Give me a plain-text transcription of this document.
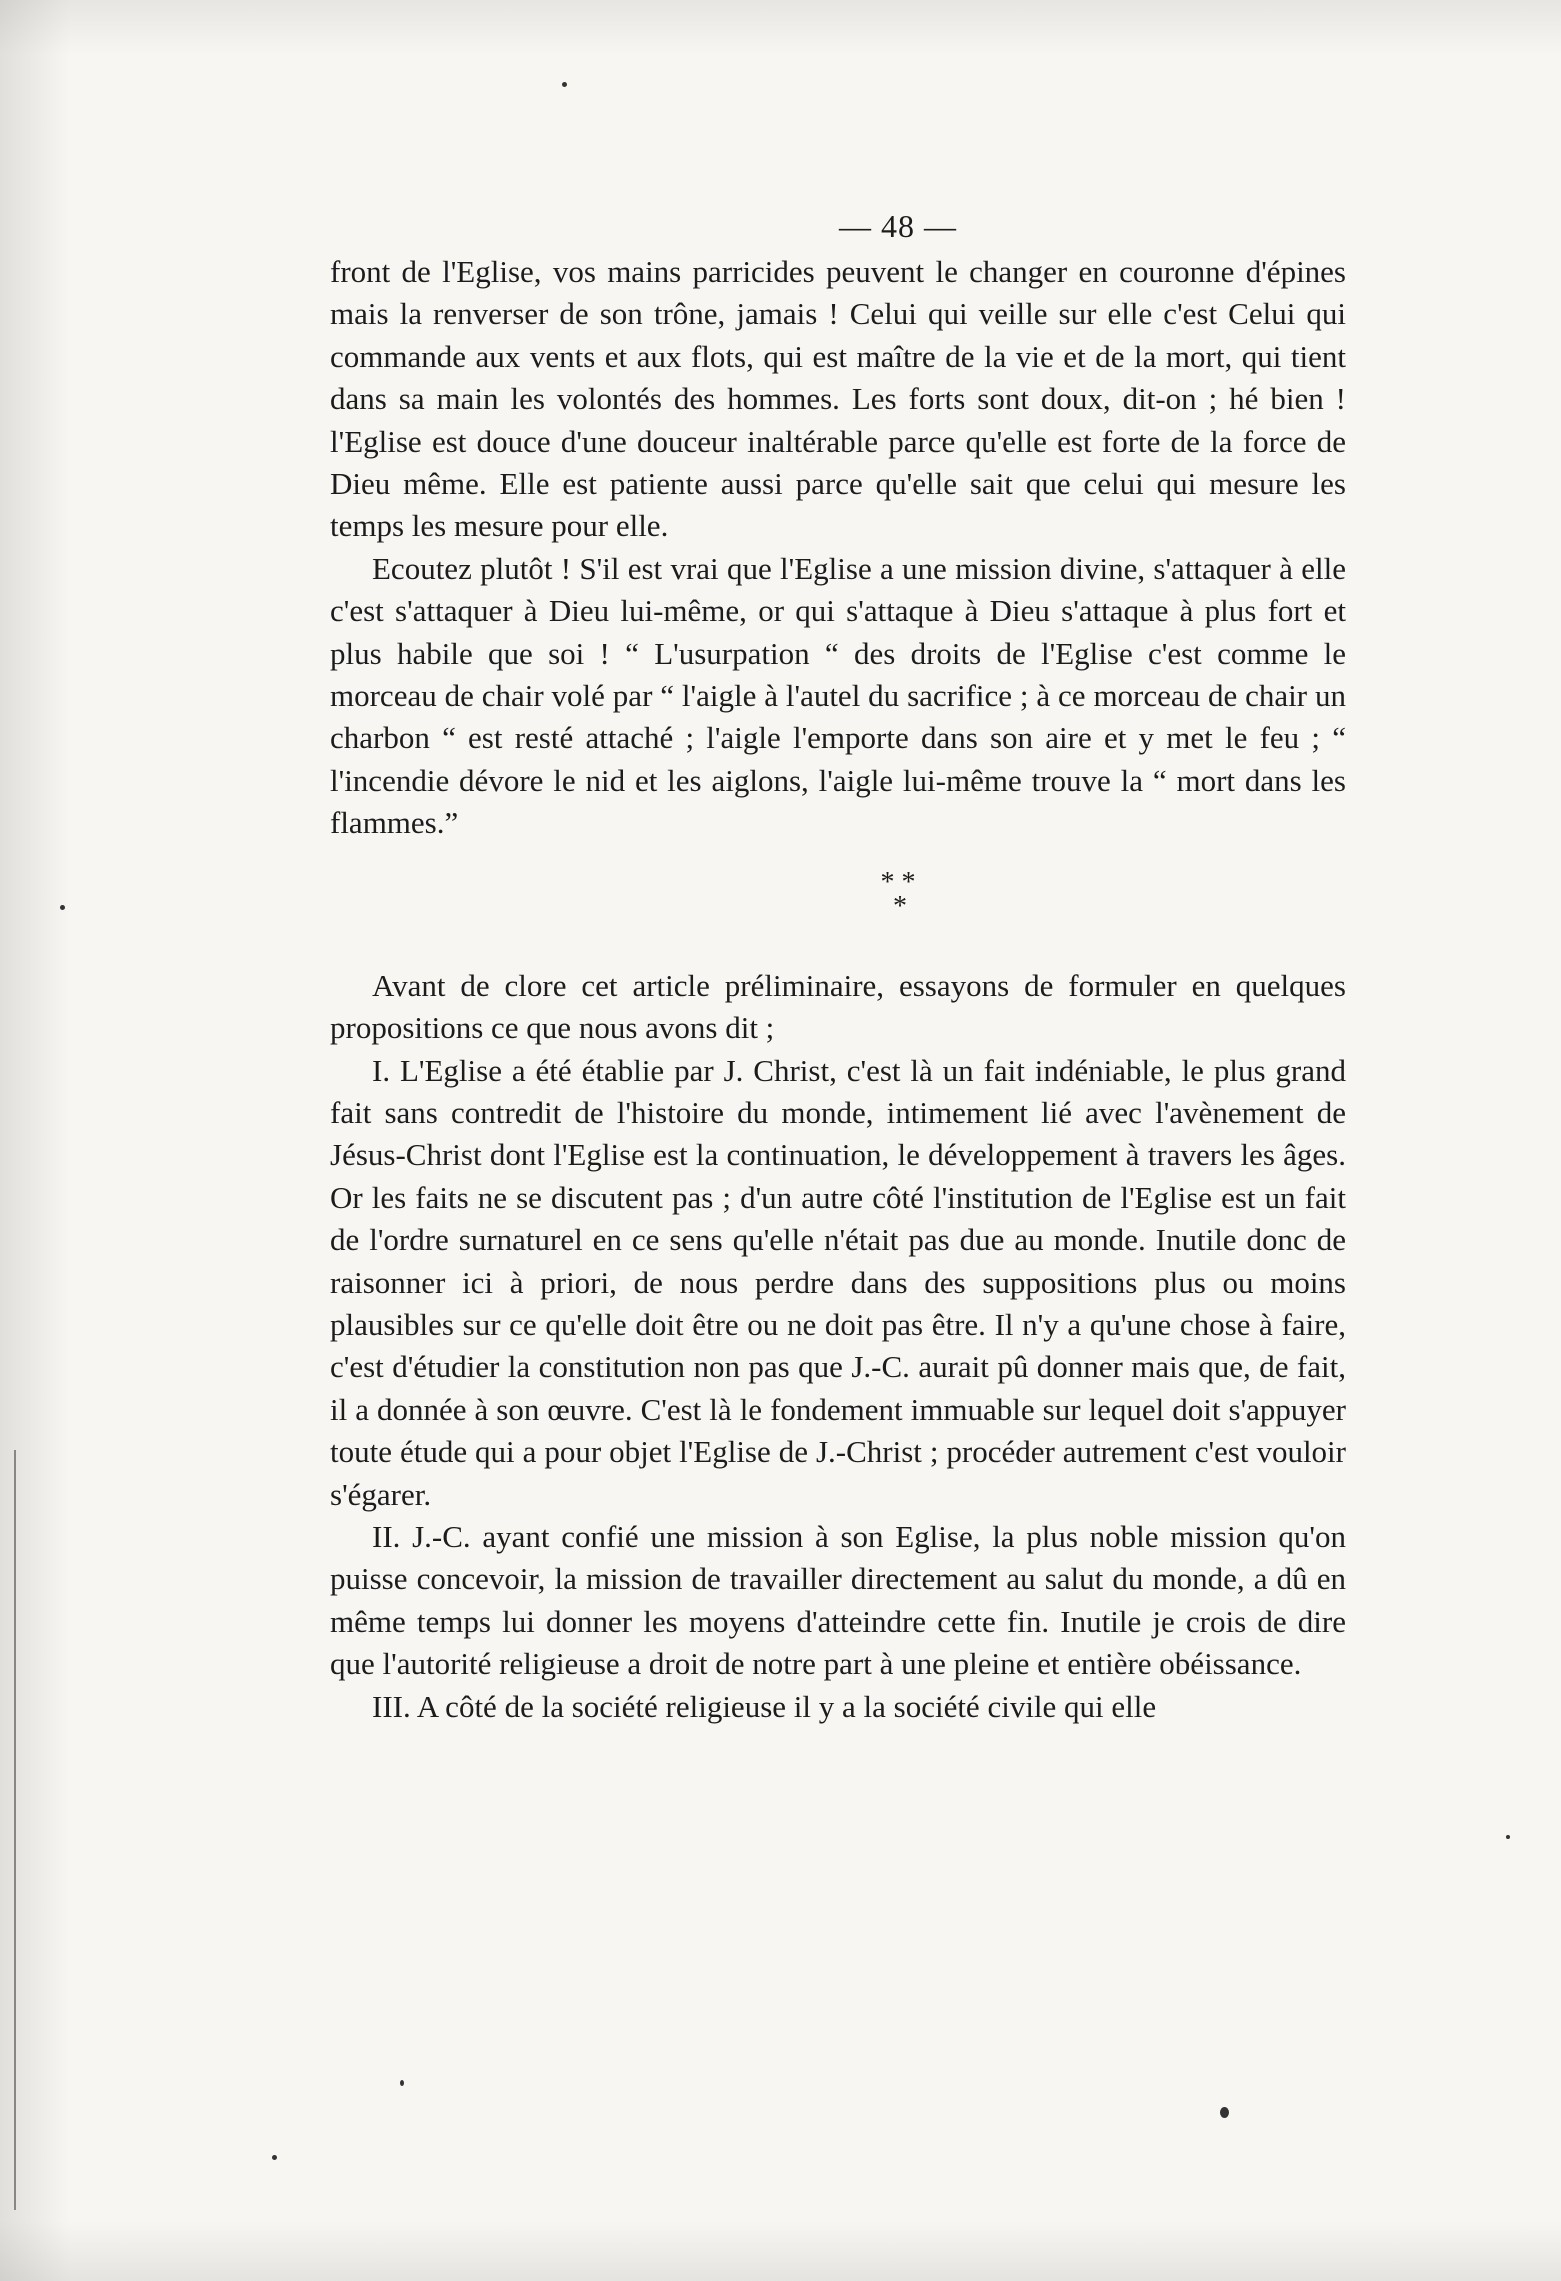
— 48 —

front de l'Eglise, vos mains parricides peuvent le changer en couronne d'épines mais la renverser de son trône, jamais ! Celui qui veille sur elle c'est Celui qui commande aux vents et aux flots, qui est maître de la vie et de la mort, qui tient dans sa main les volontés des hommes. Les forts sont doux, dit-on ; hé bien ! l'Eglise est douce d'une douceur inaltérable parce qu'elle est forte de la force de Dieu même. Elle est patiente aussi parce qu'elle sait que celui qui mesure les temps les mesure pour elle.

Ecoutez plutôt ! S'il est vrai que l'Eglise a une mission divine, s'attaquer à elle c'est s'attaquer à Dieu lui-même, or qui s'attaque à Dieu s'attaque à plus fort et plus habile que soi ! “ L'usurpation “ des droits de l'Eglise c'est comme le morceau de chair volé par “ l'aigle à l'autel du sacrifice ; à ce morceau de chair un charbon “ est resté attaché ; l'aigle l'emporte dans son aire et y met le feu ; “ l'incendie dévore le nid et les aiglons, l'aigle lui-même trouve la “ mort dans les flammes.”

* *
*

Avant de clore cet article préliminaire, essayons de formuler en quelques propositions ce que nous avons dit ;

I. L'Eglise a été établie par J. Christ, c'est là un fait indéniable, le plus grand fait sans contredit de l'histoire du monde, intimement lié avec l'avènement de Jésus-Christ dont l'Eglise est la continuation, le développement à travers les âges. Or les faits ne se discutent pas ; d'un autre côté l'institution de l'Eglise est un fait de l'ordre surnaturel en ce sens qu'elle n'était pas due au monde. Inutile donc de raisonner ici à priori, de nous perdre dans des suppositions plus ou moins plausibles sur ce qu'elle doit être ou ne doit pas être. Il n'y a qu'une chose à faire, c'est d'étudier la constitution non pas que J.-C. aurait pû donner mais que, de fait, il a donnée à son œuvre. C'est là le fondement immuable sur lequel doit s'appuyer toute étude qui a pour objet l'Eglise de J.-Christ ; procéder autrement c'est vouloir s'égarer.

II. J.-C. ayant confié une mission à son Eglise, la plus noble mission qu'on puisse concevoir, la mission de travailler directement au salut du monde, a dû en même temps lui donner les moyens d'atteindre cette fin. Inutile je crois de dire que l'autorité religieuse a droit de notre part à une pleine et entière obéissance.

III. A côté de la société religieuse il y a la société civile qui elle
